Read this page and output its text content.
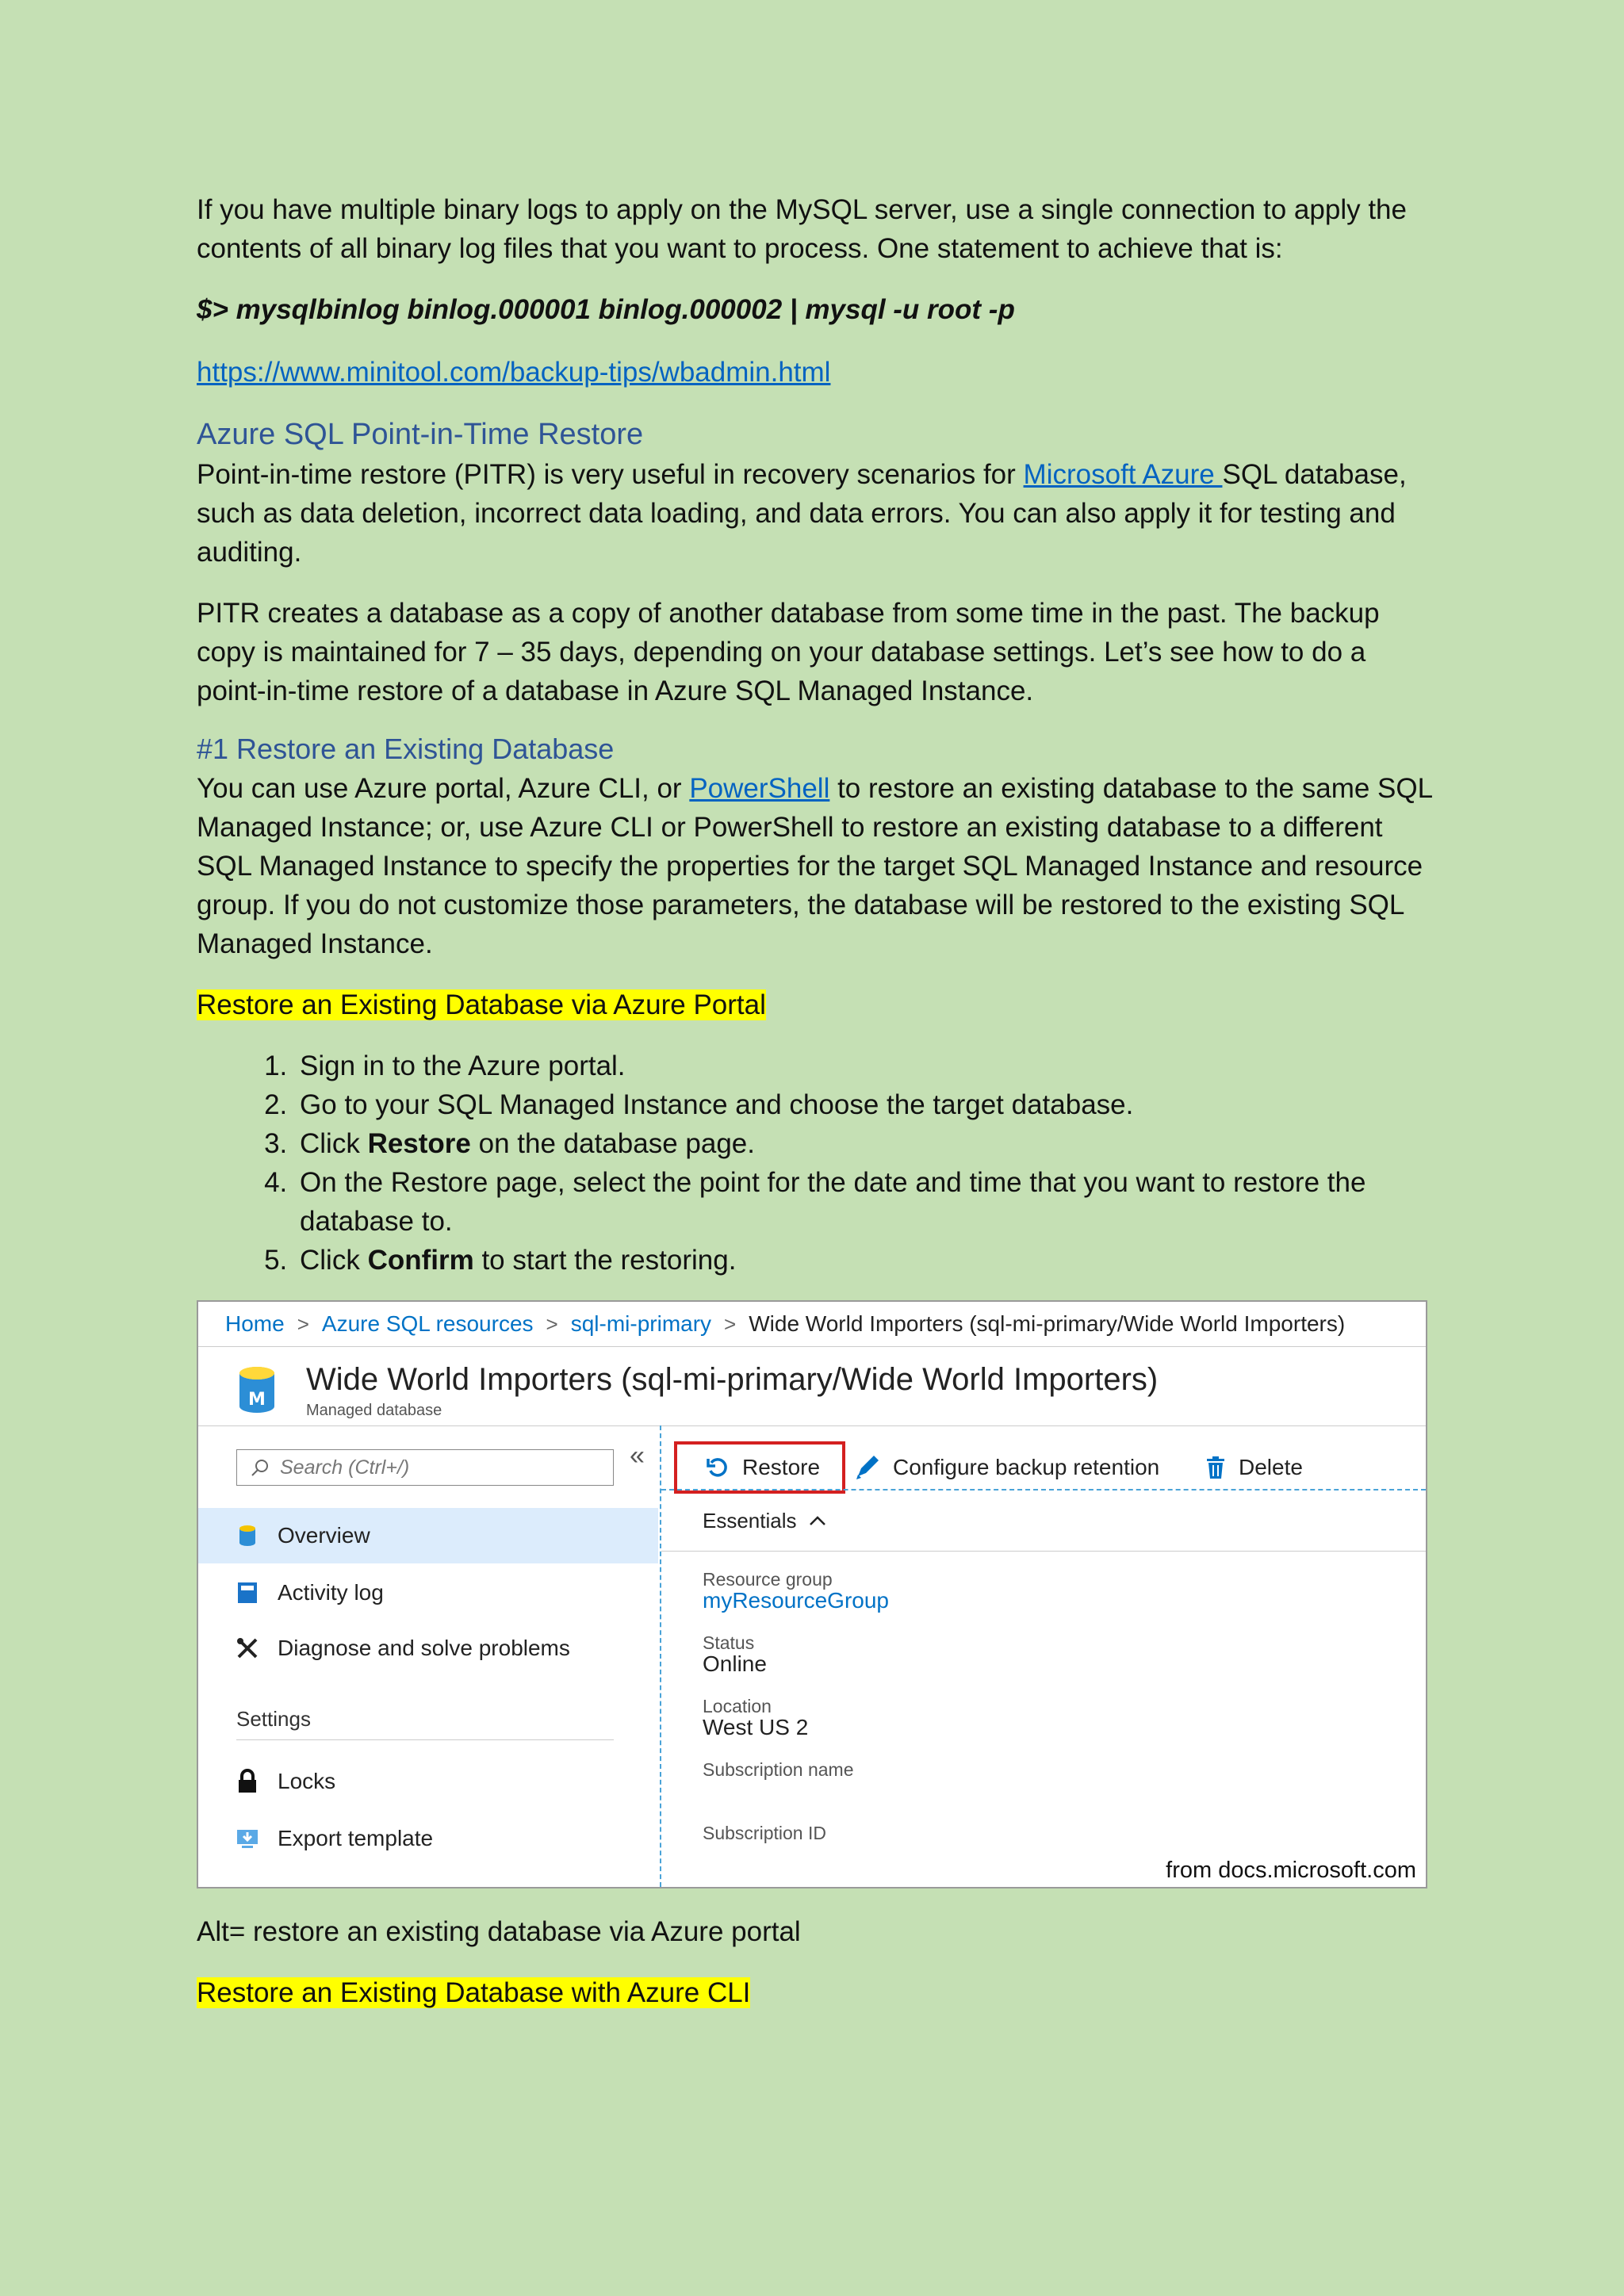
If you have multiple binary logs to apply on the MySQL server, use a single connection to apply the contents of all binary log files that you want to process. One statement to achieve that is:

$> mysqlbinlog binlog.000001 binlog.000002 | mysql -u root -p

https://www.minitool.com/backup-tips/wbadmin.html

Azure SQL Point-in-Time Restore

Point-in-time restore (PITR) is very useful in recovery scenarios for Microsoft Azure SQL database, such as data deletion, incorrect data loading, and data errors. You can also apply it for testing and auditing.

PITR creates a database as a copy of another database from some time in the past. The backup copy is maintained for 7 – 35 days, depending on your database settings. Let’s see how to do a point-in-time restore of a database in Azure SQL Managed Instance.

#1 Restore an Existing Database

You can use Azure portal, Azure CLI, or PowerShell to restore an existing database to the same SQL Managed Instance; or, use Azure CLI or PowerShell to restore an existing database to a different SQL Managed Instance to specify the properties for the target SQL Managed Instance and resource group. If you do not customize those parameters, the database will be restored to the existing SQL Managed Instance.

Restore an Existing Database via Azure Portal

1. Sign in to the Azure portal.
2. Go to your SQL Managed Instance and choose the target database.
3. Click Restore on the database page.
4. On the Restore page, select the point for the date and time that you want to restore the database to.
5. Click Confirm to start the restoring.
Home > Azure SQL resources > sql-mi-primary > Wide World Importers (sql-mi-primary/Wide World Importers)
M
Wide World Importers (sql-mi-primary/Wide World Importers)
Managed database
Search (Ctrl+/)	«
Overview
Activity log
Diagnose and solve problems
Settings
Locks
Export template
Restore	Configure backup retention	Delete
Essentials
Resource group
myResourceGroup
Status
Online
Location
West US 2
Subscription name
Subscription ID
from docs.microsoft.com

Alt= restore an existing database via Azure portal

Restore an Existing Database with Azure CLI
